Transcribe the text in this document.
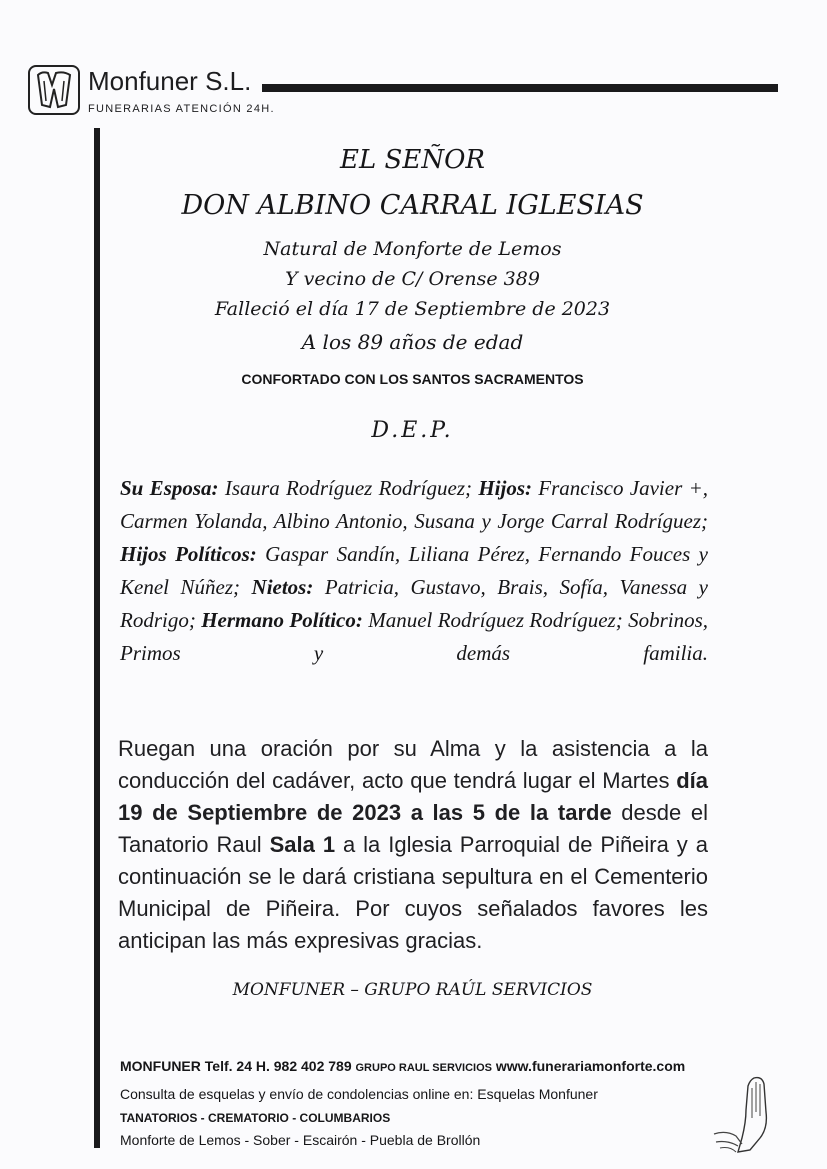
Monfuner S.L.
FUNERARIAS ATENCIÓN 24H.
EL SEÑOR
DON ALBINO CARRAL IGLESIAS
Natural de Monforte de Lemos
Y vecino de C/ Orense 389
Falleció el día 17 de Septiembre de 2023
A los 89 años de edad
CONFORTADO CON LOS SANTOS SACRAMENTOS
D.E.P.
Su Esposa: Isaura Rodríguez Rodríguez; Hijos: Francisco Javier +, Carmen Yolanda, Albino Antonio, Susana y Jorge Carral Rodríguez; Hijos Políticos: Gaspar Sandín, Liliana Pérez, Fernando Fouces y Kenel Núñez; Nietos: Patricia, Gustavo, Brais, Sofía, Vanessa y Rodrigo; Hermano Político: Manuel Rodríguez Rodríguez; Sobrinos, Primos y demás familia.
Ruegan una oración por su Alma y la asistencia a la conducción del cadáver, acto que tendrá lugar el Martes día 19 de Septiembre de 2023 a las 5 de la tarde desde el Tanatorio Raul Sala 1 a la Iglesia Parroquial de Piñeira y a continuación se le dará cristiana sepultura en el Cementerio Municipal de Piñeira. Por cuyos señalados favores les anticipan las más expresivas gracias.
MONFUNER – GRUPO RAÚL SERVICIOS
MONFUNER Telf. 24 H. 982 402 789 GRUPO RAUL SERVICIOS www.funerariamonforte.com
Consulta de esquelas y envío de condolencias online en: Esquelas Monfuner
TANATORIOS - CREMATORIO - COLUMBARIOS
Monforte de Lemos - Sober - Escairón - Puebla de Brollón
